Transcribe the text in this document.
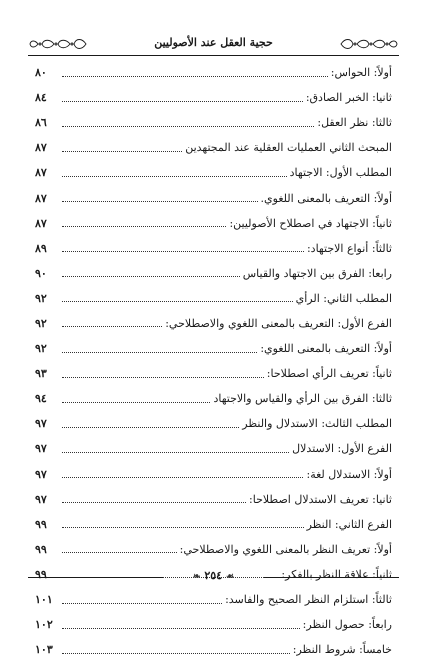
حجية العقل عند الأصوليين
أولاً: الحواس:
٨٠
ثانيا: الخبر الصادق:
٨٤
ثالثا: نظر العقل:
٨٦
المبحث الثاني العمليات العقلية عند المجتهدين
٨٧
المطلب الأول: الاجتهاد
٨٧
أولاً: التعريف بالمعنى اللغوي.
٨٧
ثانياً: الاجتهاد في اصطلاح الأصوليين:
٨٧
ثالثاً: أنواع الاجتهاد:
٨٩
رابعا: الفرق بين الاجتهاد والقياس
٩٠
المطلب الثاني: الرأي
٩٢
الفرع الأول: التعريف بالمعنى اللغوي والاصطلاحي:
٩٢
أولاً: التعريف بالمعنى اللغوي:
٩٢
ثانياً: تعريف الرأي اصطلاحا:
٩٣
ثالثا: الفرق بين الرأي والقياس والاجتهاد
٩٤
المطلب الثالث: الاستدلال والنظر
٩٧
الفرع الأول: الاستدلال
٩٧
أولاً: الاستدلال لغة:
٩٧
ثانيا: تعريف الاستدلال اصطلاحا:
٩٧
الفرع الثاني: النظر
٩٩
أولاً: تعريف النظر بالمعنى اللغوي والاصطلاحي:
٩٩
ثانياً: علاقة النظر بالفكر:
٩٩
ثالثاً: استلزام النظر الصحيح والفاسد:
١٠١
رابعاً: حصول النظر:
١٠٢
خامساً: شروط النظر:
١٠٣
❧ ٢٥٤ ☙
